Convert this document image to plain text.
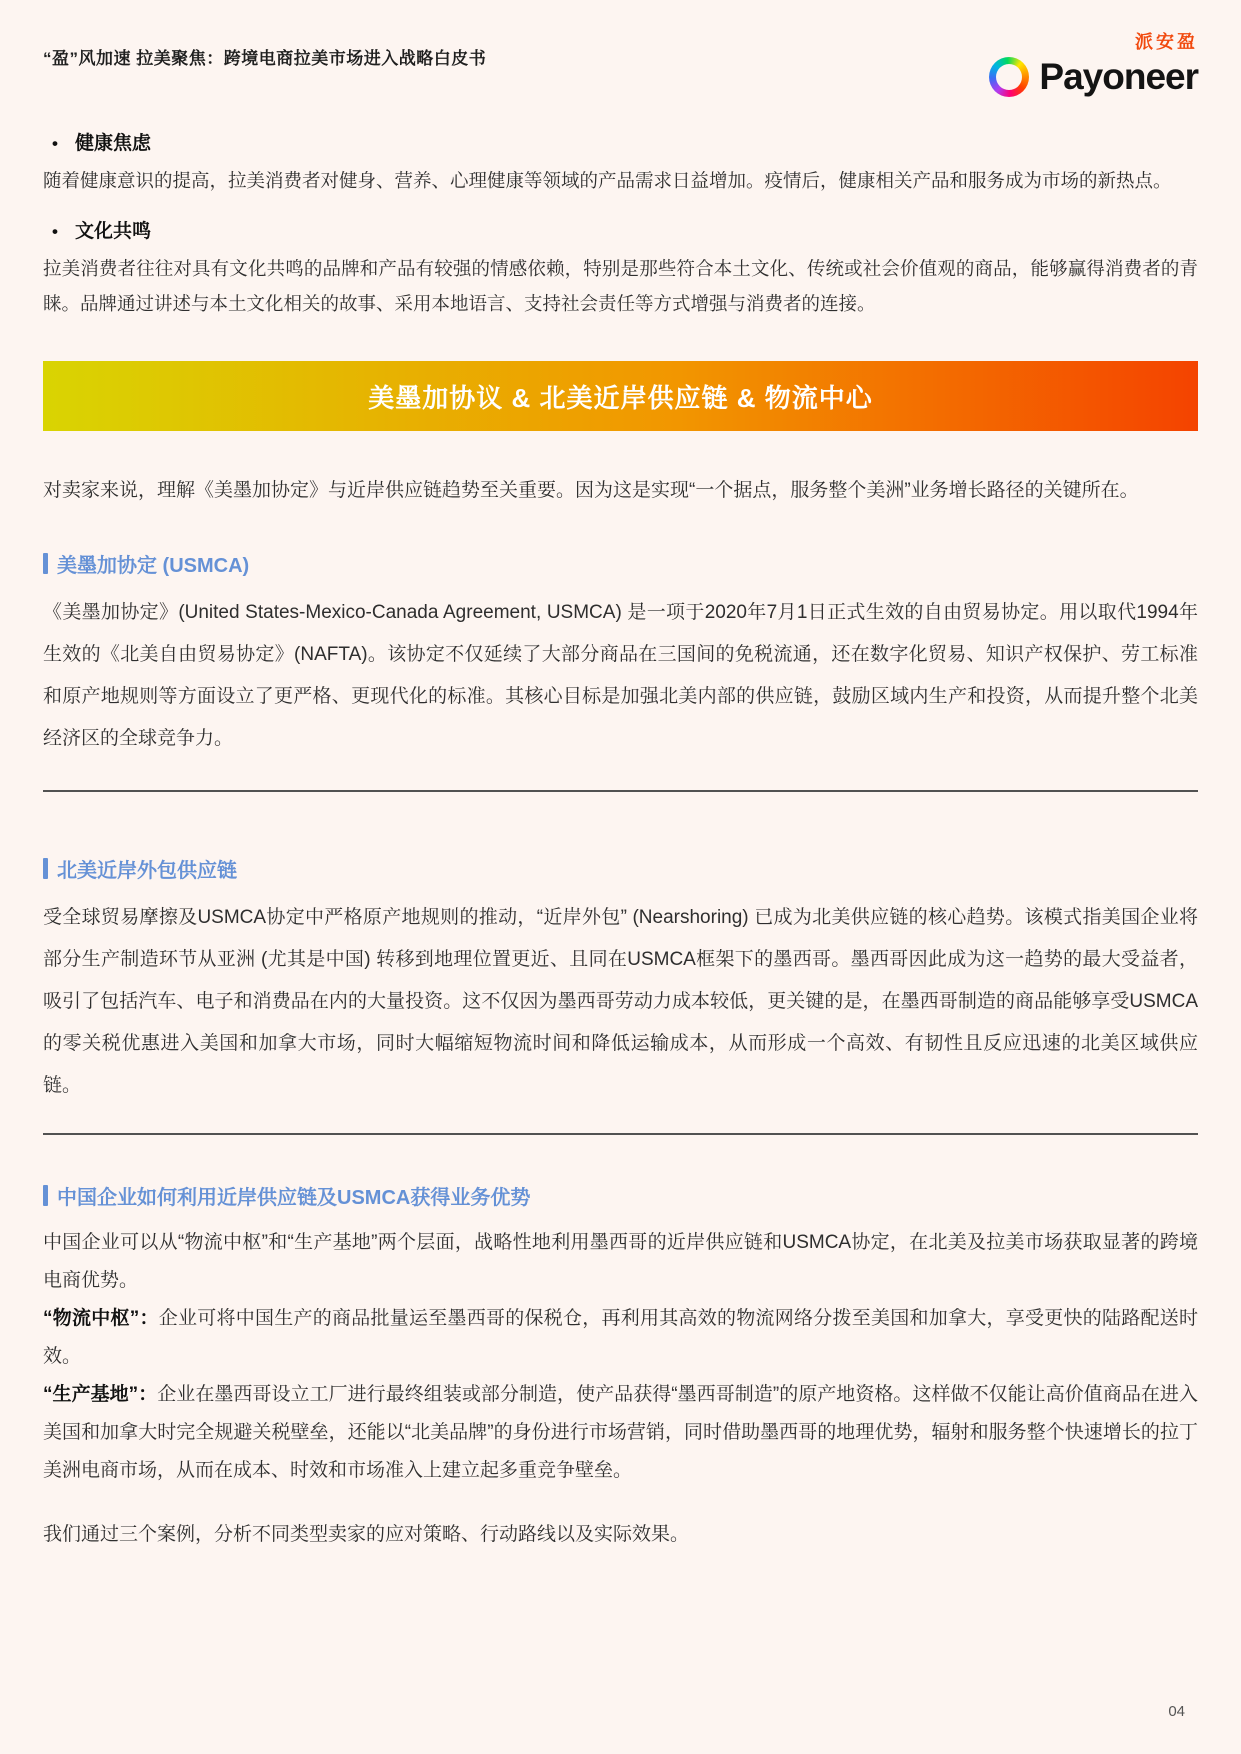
“盈”风加速 拉美聚焦：跨境电商拉美市场进入战略白皮书
派安盈
Payoneer
• 健康焦虑

随着健康意识的提高，拉美消费者对健身、营养、心理健康等领域的产品需求日益增加。疫情后，健康相关产品和服务成为市场的新热点。

• 文化共鸣

拉美消费者往往对具有文化共鸣的品牌和产品有较强的情感依赖，特别是那些符合本土文化、传统或社会价值观的商品，能够赢得消费者的青睐。品牌通过讲述与本土文化相关的故事、采用本地语言、支持社会责任等方式增强与消费者的连接。

美墨加协议 & 北美近岸供应链 & 物流中心

对卖家来说，理解《美墨加协定》与近岸供应链趋势至关重要。因为这是实现“一个据点，服务整个美洲”业务增长路径的关键所在。

美墨加协定 (USMCA)

《美墨加协定》(United States-Mexico-Canada Agreement, USMCA) 是一项于2020年7月1日正式生效的自由贸易协定。用以取代1994年生效的《北美自由贸易协定》(NAFTA)。该协定不仅延续了大部分商品在三国间的免税流通，还在数字化贸易、知识产权保护、劳工标准和原产地规则等方面设立了更严格、更现代化的标准。其核心目标是加强北美内部的供应链，鼓励区域内生产和投资，从而提升整个北美经济区的全球竞争力。

北美近岸外包供应链

受全球贸易摩擦及USMCA协定中严格原产地规则的推动，“近岸外包” (Nearshoring) 已成为北美供应链的核心趋势。该模式指美国企业将部分生产制造环节从亚洲 (尤其是中国) 转移到地理位置更近、且同在USMCA框架下的墨西哥。墨西哥因此成为这一趋势的最大受益者，吸引了包括汽车、电子和消费品在内的大量投资。这不仅因为墨西哥劳动力成本较低，更关键的是，在墨西哥制造的商品能够享受USMCA的零关税优惠进入美国和加拿大市场，同时大幅缩短物流时间和降低运输成本，从而形成一个高效、有韧性且反应迅速的北美区域供应链。

中国企业如何利用近岸供应链及USMCA获得业务优势

中国企业可以从“物流中枢”和“生产基地”两个层面，战略性地利用墨西哥的近岸供应链和USMCA协定，在北美及拉美市场获取显著的跨境电商优势。

“物流中枢”：企业可将中国生产的商品批量运至墨西哥的保税仓，再利用其高效的物流网络分拨至美国和加拿大，享受更快的陆路配送时效。

“生产基地”：企业在墨西哥设立工厂进行最终组装或部分制造，使产品获得“墨西哥制造”的原产地资格。这样做不仅能让高价值商品在进入美国和加拿大时完全规避关税壁垒，还能以“北美品牌”的身份进行市场营销，同时借助墨西哥的地理优势，辐射和服务整个快速增长的拉丁美洲电商市场，从而在成本、时效和市场准入上建立起多重竞争壁垒。

我们通过三个案例，分析不同类型卖家的应对策略、行动路线以及实际效果。

04
